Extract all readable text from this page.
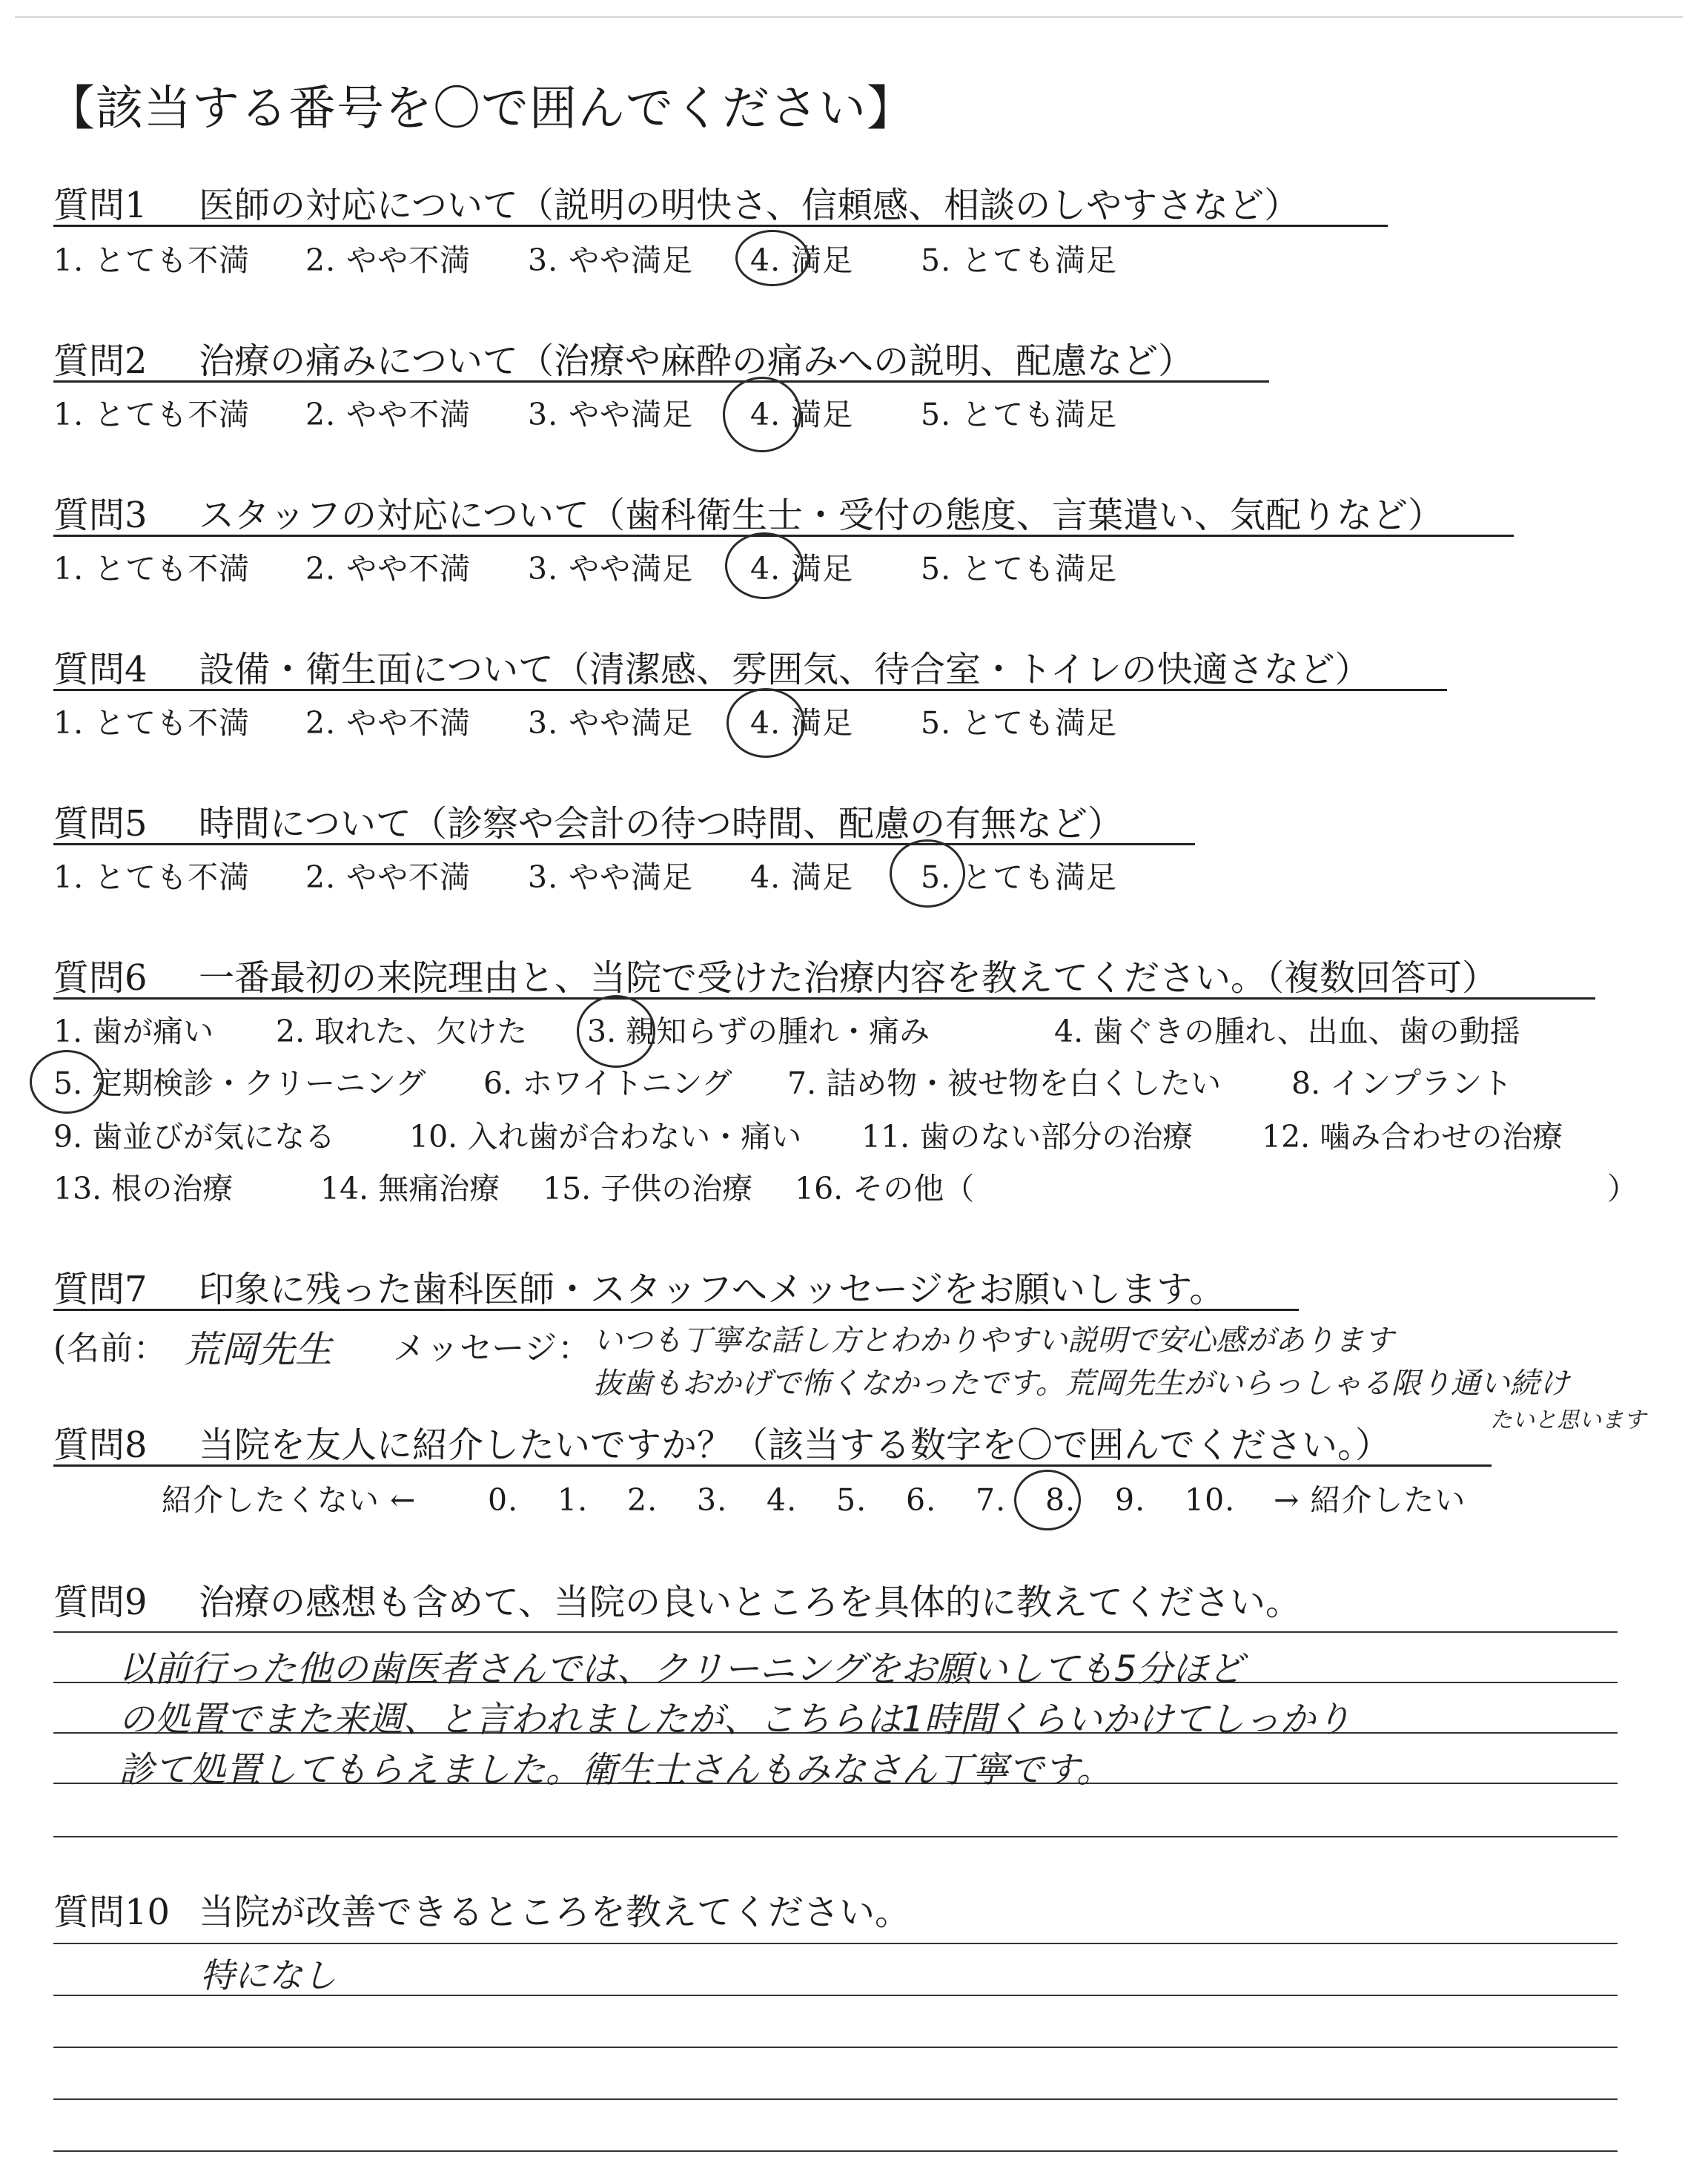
【該当する番号を〇で囲んでください】
質問1 医師の対応について（説明の明快さ、信頼感、相談のしやすさなど）
1. とても不満 2. やや不満 3. やや満足 4. 満足 5. とても満足
質問2 治療の痛みについて（治療や麻酔の痛みへの説明、配慮など）
1. とても不満 2. やや不満 3. やや満足 4. 満足 5. とても満足
質問3 スタッフの対応について（歯科衛生士・受付の態度、言葉遣い、気配りなど）
1. とても不満 2. やや不満 3. やや満足 4. 満足 5. とても満足
質問4 設備・衛生面について（清潔感、雰囲気、待合室・トイレの快適さなど）
1. とても不満 2. やや不満 3. やや満足 4. 満足 5. とても満足
質問5 時間について（診察や会計の待つ時間、配慮の有無など）
1. とても不満 2. やや不満 3. やや満足 4. 満足 5. とても満足
質問6 一番最初の来院理由と、当院で受けた治療内容を教えてください。（複数回答可）
1. 歯が痛い 2. 取れた、欠けた 3. 親知らずの腫れ・痛み	4. 歯ぐきの腫れ、出血、歯の動揺
5. 定期検診・クリーニング 6. ホワイトニング 7. 詰め物・被せ物を白くしたい 8. インプラント
9. 歯並びが気になる 10. 入れ歯が合わない・痛い 11. 歯のない部分の治療 12. 噛み合わせの治療
13. 根の治療	14. 無痛治療 15. 子供の治療 16. その他（	）
質問7 印象に残った歯科医師・スタッフへメッセージをお願いします。
(名前： 荒岡先生 メッセージ： いつも丁寧な話し方とわかりやすい説明で安心感があります
抜歯もおかげで怖くなかったです。荒岡先生がいらっしゃる限り通い続け
たいと思います
質問8 当院を友人に紹介したいですか？（該当する数字を〇で囲んでください。）
紹介したくない ← 0. 1. 2. 3. 4. 5. 6. 7. 8. 9. 10. → 紹介したい
質問9 治療の感想も含めて、当院の良いところを具体的に教えてください。
以前行った他の歯医者さんでは、クリーニングをお願いしても5分ほど
の処置でまた来週、と言われましたが、こちらは1時間くらいかけてしっかり
診て処置してもらえました。衛生士さんもみなさん丁寧です。
質問10 当院が改善できるところを教えてください。
特になし
